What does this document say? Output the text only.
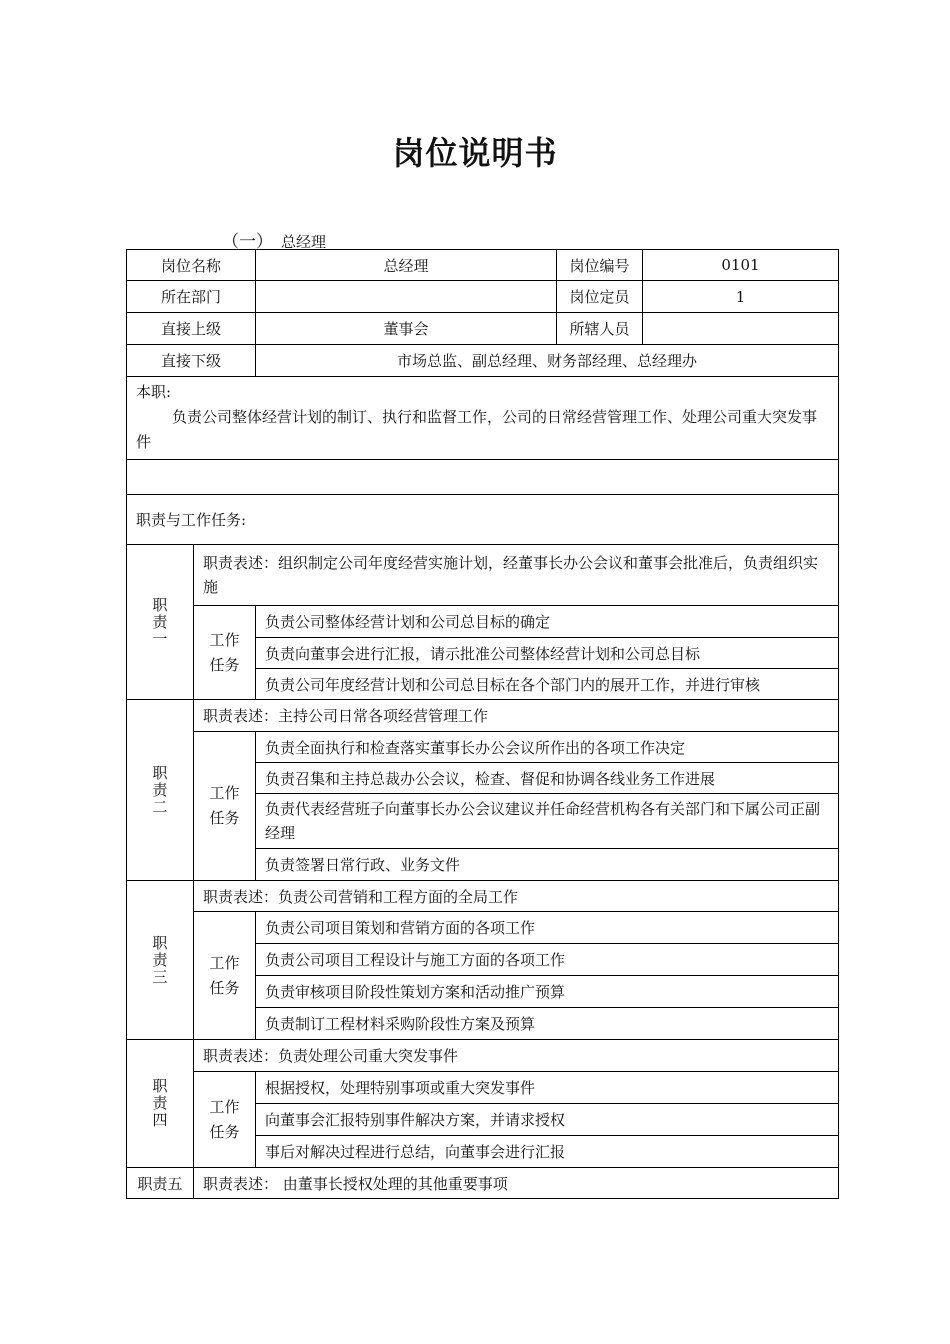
岗位说明书
（一） 总经理
岗位名称		总经理	岗位编号	0101
所在部门			岗位定员	1
直接上级		董事会	所辖人员	
直接下级		市场总监、副总经理、财务部经理、总经理办		

本职:
负责公司整体经营计划的制订、执行和监督工作，公司的日常经营管理工作、处理公司重大突发事件				

职责与工作任务:				

职
责
一	职责表述：组织制定公司年度经营实施计划，经董事长办公会议和董事会批准后，负责组织实施			

	工作
任务	负责公司整体经营计划和公司总目标的确定		
		负责向董事会进行汇报，请示批准公司整体经营计划和公司总目标		
		负责公司年度经营计划和公司总目标在各个部门内的展开工作，并进行审核		

职
责
二	职责表述：主持公司日常各项经营管理工作			

	工作
任务	负责全面执行和检查落实董事长办公会议所作出的各项工作决定		
		负责召集和主持总裁办公会议，检查、督促和协调各线业务工作进展		
		负责代表经营班子向董事长办公会议建议并任命经营机构各有关部门和下属公司正副经理		
		负责签署日常行政、业务文件		

职
责
三	职责表述：负责公司营销和工程方面的全局工作			

	工作
任务	负责公司项目策划和营销方面的各项工作		
		负责公司项目工程设计与施工方面的各项工作		
		负责审核项目阶段性策划方案和活动推广预算		
		负责制订工程材料采购阶段性方案及预算		

职
责
四	职责表述：负责处理公司重大突发事件			

	工作
任务	根据授权，处理特别事项或重大突发事件		
		向董事会汇报特别事件解决方案，并请求授权		
		事后对解决过程进行总结，向董事会进行汇报		
职责五	职责表述： 由董事长授权处理的其他重要事项			
